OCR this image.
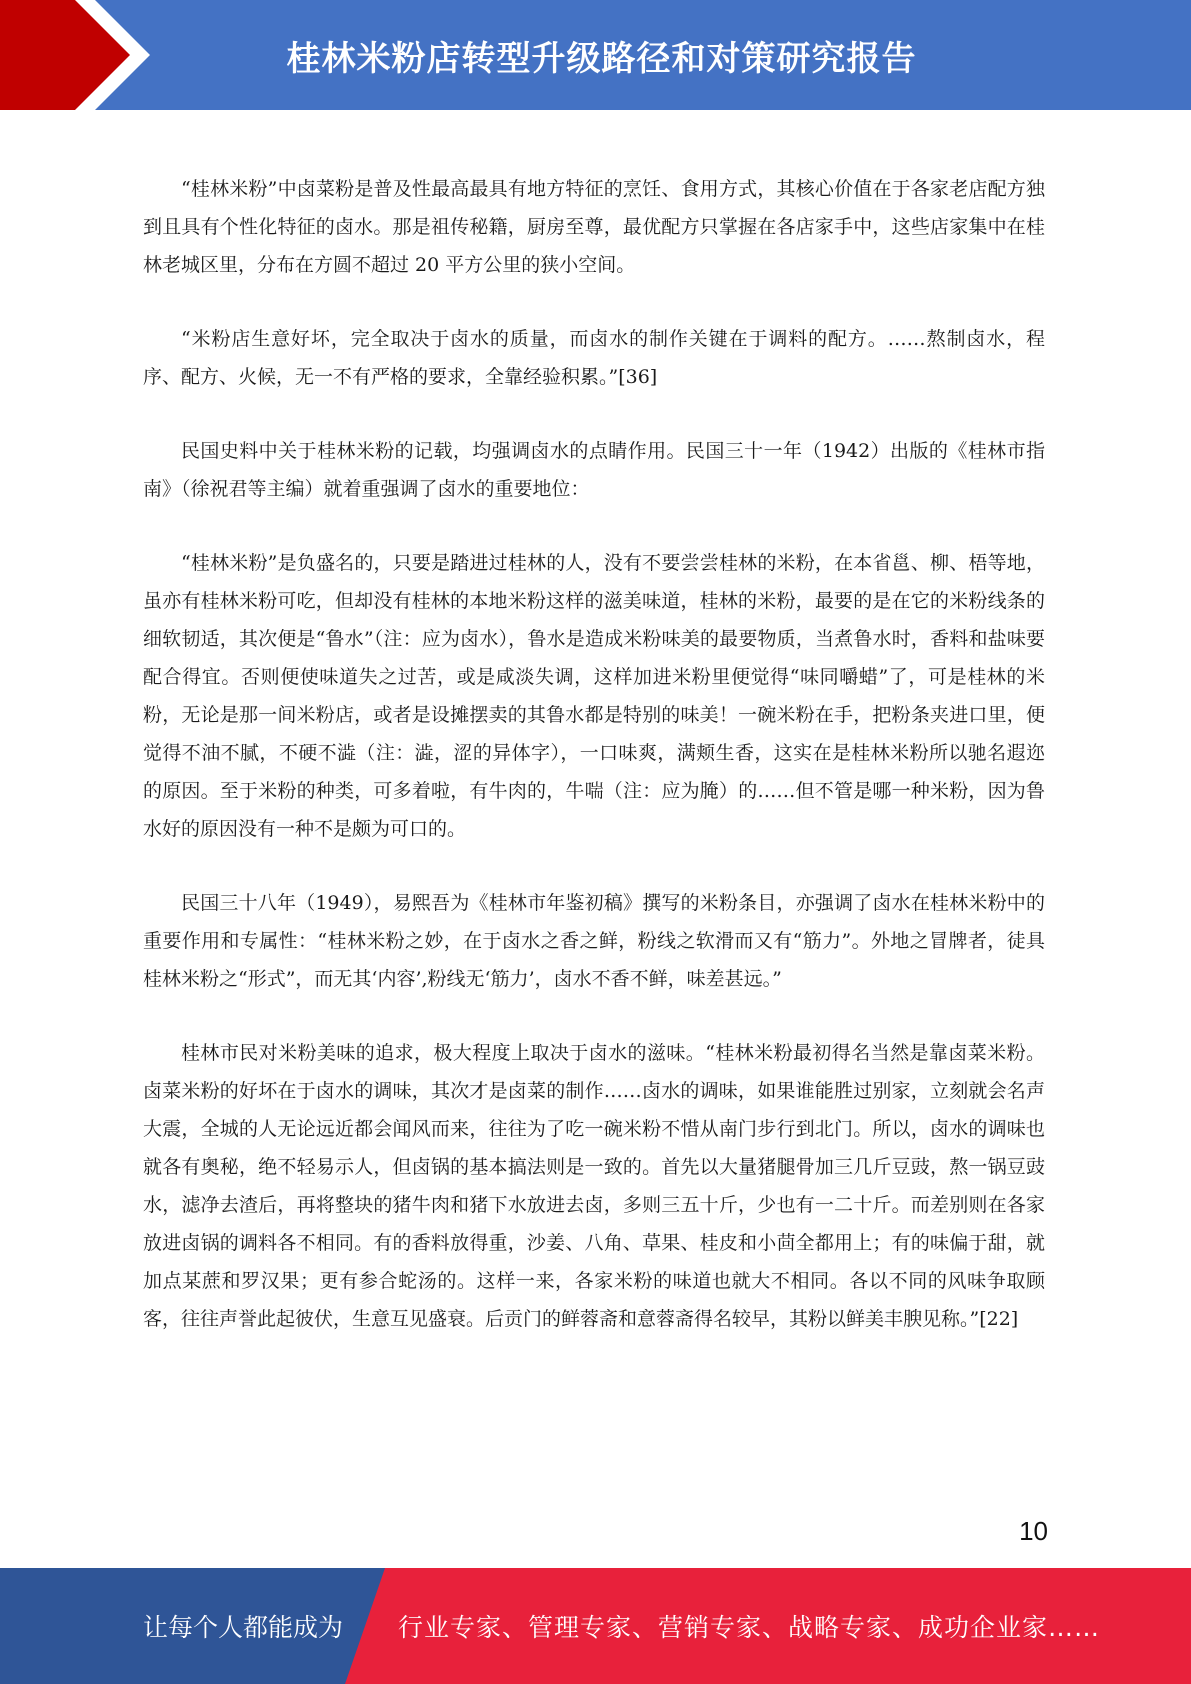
桂林米粉店转型升级路径和对策研究报告

“桂林米粉”中卤菜粉是普及性最高最具有地方特征的烹饪、食用方式，其核心价值在于各家老店配方独到且具有个性化特征的卤水。那是祖传秘籍，厨房至尊，最优配方只掌握在各店家手中，这些店家集中在桂林老城区里，分布在方圆不超过 20 平方公里的狭小空间。

“米粉店生意好坏，完全取决于卤水的质量，而卤水的制作关键在于调料的配方。……熬制卤水，程序、配方、火候，无一不有严格的要求，全靠经验积累。”[36]

民国史料中关于桂林米粉的记载，均强调卤水的点睛作用。民国三十一年（1942）出版的《桂林市指南》（徐祝君等主编）就着重强调了卤水的重要地位：

“桂林米粉”是负盛名的，只要是踏进过桂林的人，没有不要尝尝桂林的米粉，在本省邕、柳、梧等地，虽亦有桂林米粉可吃，但却没有桂林的本地米粉这样的滋美味道，桂林的米粉，最要的是在它的米粉线条的细软韧适，其次便是“鲁水”（注：应为卤水），鲁水是造成米粉味美的最要物质，当煮鲁水时，香料和盐味要配合得宜。否则便使味道失之过苦，或是咸淡失调，这样加进米粉里便觉得“味同嚼蜡”了，可是桂林的米粉，无论是那一间米粉店，或者是设摊摆卖的其鲁水都是特别的味美！一碗米粉在手，把粉条夹进口里，便觉得不油不腻，不硬不澁（注：澁，涩的异体字），一口味爽，满颊生香，这实在是桂林米粉所以驰名遐迩的原因。至于米粉的种类，可多着啦，有牛肉的，牛喘（注：应为腌）的……但不管是哪一种米粉，因为鲁水好的原因没有一种不是颇为可口的。

民国三十八年（1949），易熙吾为《桂林市年鉴初稿》撰写的米粉条目，亦强调了卤水在桂林米粉中的重要作用和专属性：“桂林米粉之妙，在于卤水之香之鲜，粉线之软滑而又有“筋力”。外地之冒牌者，徒具桂林米粉之“形式”，而无其‘内容’,粉线无‘筋力’，卤水不香不鲜，味差甚远。”

桂林市民对米粉美味的追求，极大程度上取决于卤水的滋味。“桂林米粉最初得名当然是靠卤菜米粉。卤菜米粉的好坏在于卤水的调味，其次才是卤菜的制作……卤水的调味，如果谁能胜过别家，立刻就会名声大震，全城的人无论远近都会闻风而来，往往为了吃一碗米粉不惜从南门步行到北门。所以，卤水的调味也就各有奥秘，绝不轻易示人，但卤锅的基本搞法则是一致的。首先以大量猪腿骨加三几斤豆豉，熬一锅豆豉水，滤净去渣后，再将整块的猪牛肉和猪下水放进去卤，多则三五十斤，少也有一二十斤。而差别则在各家放进卤锅的调料各不相同。有的香料放得重，沙姜、八角、草果、桂皮和小茴全都用上；有的味偏于甜，就加点某蔗和罗汉果；更有参合蛇汤的。这样一来，各家米粉的味道也就大不相同。各以不同的风味争取顾客，往往声誉此起彼伏，生意互见盛衰。后贡门的鲜蓉斋和意蓉斋得名较早，其粉以鲜美丰腴见称。”[22]

10
让每个人都能成为 行业专家、管理专家、营销专家、战略专家、成功企业家……
